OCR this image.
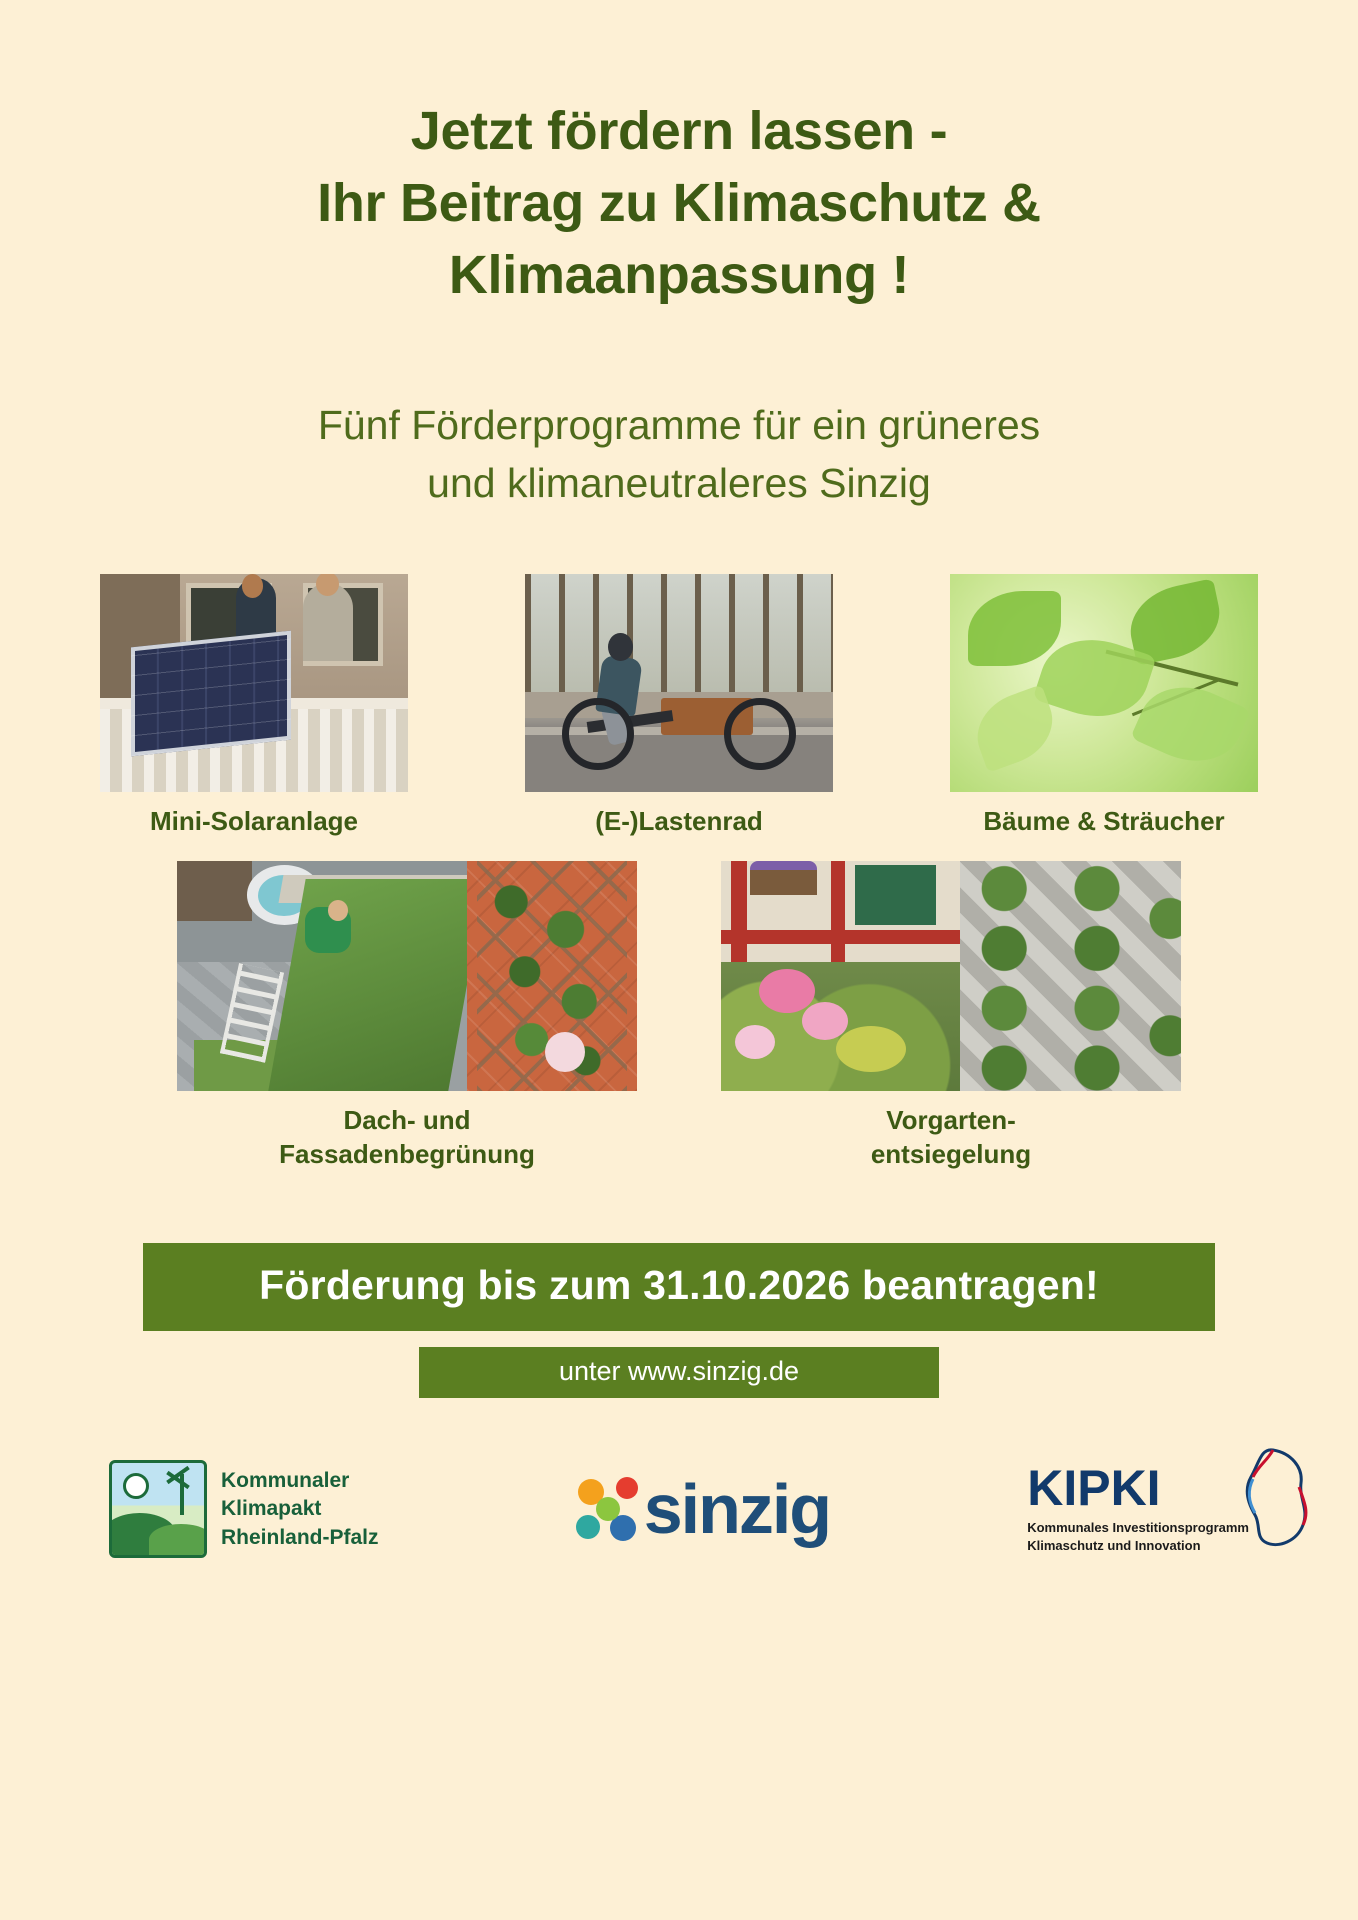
Jetzt fördern lassen -
Ihr Beitrag zu Klimaschutz &
Klimaanpassung !
Fünf Förderprogramme für ein grüneres
und klimaneutraleres Sinzig
Mini-Solaranlage	(E-)Lastenrad	Bäume & Sträucher
Dach- und
Fassadenbegrünung
Vorgarten-
entsiegelung
Förderung bis zum 31.10.2026 beantragen!
unter www.sinzig.de
Kommunaler
Klimapakt
Rheinland-Pfalz	sinzig	KIPKI
Kommunales Investitionsprogramm
Klimaschutz und Innovation
